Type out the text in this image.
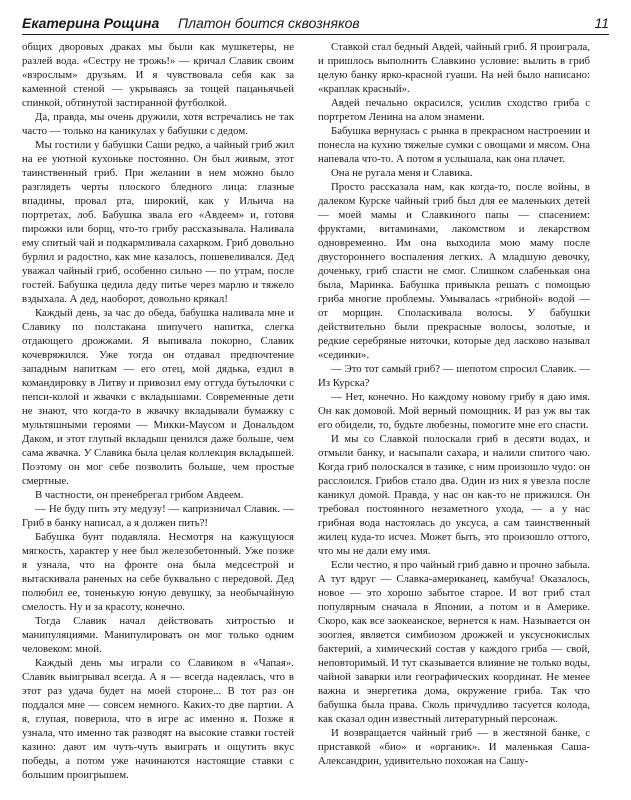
Екатерина Рощина Платон боится сквозняков	11

общих дворовых драках мы были как мушкетеры, не разлей вода. «Сестру не трожь!» — кричал Славик своим «взрослым» друзьям. И я чувствовала себя как за каменной стеной — укрываясь за тощей пацаньячьей спинкой, обтянутой застиранной футболкой.

Да, правда, мы очень дружили, хотя встречались не так часто — только на каникулах у бабушки с дедом.

Мы гостили у бабушки Саши редко, а чайный гриб жил на ее уютной кухоньке постоянно. Он был живым, этот таинственный гриб. При желании в нем можно было разглядеть черты плоского бледного лица: глазные впадины, провал рта, широкий, как у Ильича на портретах, лоб. Бабушка звала его «Авдеем» и, готовя пирожки или борщ, что-то грибу рассказывала. Наливала ему спитый чай и подкармливала сахарком. Гриб довольно бурлил и радостно, как мне казалось, пошевеливался. Дед уважал чайный гриб, особенно сильно — по утрам, после гостей. Бабушка цедила деду питье через марлю и тяжело вздыхала. А дед, наоборот, довольно крякал!

Каждый день, за час до обеда, бабушка наливала мне и Славику по полстакана шипучего напитка, слегка отдающего дрожжами. Я выпивала покорно, Славик кочевряжился. Уже тогда он отдавал предпочтение западным напиткам — его отец, мой дядька, ездил в командировку в Литву и привозил ему оттуда бутылочки с пепси-колой и жвачки с вкладышами. Современные дети не знают, что когда-то в жвачку вкладывали бумажку с мультяшными героями — Микки-Маусом и Дональдом Даком, и этот глупый вкладыш ценился даже больше, чем сама жвачка. У Славика была целая коллекция вкладышей. Поэтому он мог себе позволить больше, чем простые смертные.

В частности, он пренебрегал грибом Авдеем.

— Не буду пить эту медузу! — капризничал Славик. — Гриб в банку написал, а я должен пить?!

Бабушка бунт подавляла. Несмотря на кажущуюся мягкость, характер у нее был железобетонный. Уже позже я узнала, что на фронте она была медсестрой и вытаскивала раненых на себе буквально с передовой. Дед полюбил ее, тоненькую юную девушку, за необычайную смелость. Ну и за красоту, конечно.

Тогда Славик начал действовать хитростью и манипуляциями. Манипулировать он мог только одним человеком: мной.

Каждый день мы играли со Славиком в «Чапая». Славик выигрывал всегда. А я — всегда надеялась, что в этот раз удача будет на моей стороне... В тот раз он поддался мне — совсем немного. Каких-то две партии. А я, глупая, поверила, что в игре ас именно я. Позже я узнала, что именно так разводят на высокие ставки гостей казино: дают им чуть-чуть выиграть и ощутить вкус победы, а потом уже начинаются настоящие ставки с большим проигрышем.

Ставкой стал бедный Авдей, чайный гриб. Я проиграла, и пришлось выполнить Славкино условие: вылить в гриб целую банку ярко-красной гуаши. На ней было написано: «краплак красный».

Авдей печально окрасился, усилив сходство гриба с портретом Ленина на алом знамени.

Бабушка вернулась с рынка в прекрасном настроении и понесла на кухню тяжелые сумки с овощами и мясом. Она напевала что-то. А потом я услышала, как она плачет.

Она не ругала меня и Славика.

Просто рассказала нам, как когда-то, после войны, в далеком Курске чайный гриб был для ее маленьких детей — моей мамы и Славкиного папы — спасением: фруктами, витаминами, лакомством и лекарством одновременно. Им она выходила мою маму после двустороннего воспаления легких. А младшую девочку, доченьку, гриб спасти не смог. Слишком слабенькая она была, Маринка. Бабушка привыкла решать с помощью гриба многие проблемы. Умывалась «грибной» водой — от морщин. Споласкивала волосы. У бабушки действительно были прекрасные волосы, золотые, и редкие серебряные ниточки, которые дед ласково называл «сединки».

— Это тот самый гриб? — шепотом спросил Славик. — Из Курска?

— Нет, конечно. Но каждому новому грибу я даю имя. Он как домовой. Мой верный помощник. И раз уж вы так его обидели, то, будьте любезны, помогите мне его спасти.

И мы со Славкой полоскали гриб в десяти водах, и отмыли банку, и насыпали сахара, и налили спитого чаю. Когда гриб полоскался в тазике, с ним произошло чудо: он расслоился. Грибов стало два. Один из них я увезла после каникул домой. Правда, у нас он как-то не прижился. Он требовал постоянного незаметного ухода, — а у нас грибная вода настоялась до уксуса, а сам таинственный жилец куда-то исчез. Может быть, это произошло оттого, что мы не дали ему имя.

Если честно, я про чайный гриб давно и прочно забыла. А тут вдруг — Славка-американец, камбуча! Оказалось, новое — это хорошо забытое старое. И вот гриб стал популярным сначала в Японии, а потом и в Америке. Скоро, как все заокеанское, вернется к нам. Называется он зооглея, является симбиозом дрожжей и уксуснокислых бактерий, а химический состав у каждого гриба — свой, неповторимый. И тут сказывается влияние не только воды, чайной заварки или географических координат. Не менее важна и энергетика дома, окружение гриба. Так что бабушка была права. Сколь причудливо тасуется колода, как сказал один известный литературный персонаж.

И возвращается чайный гриб — в жестяной банке, с приставкой «био» и «органик». И маленькая Саша-Александрин, удивительно похожая на Сашу-
